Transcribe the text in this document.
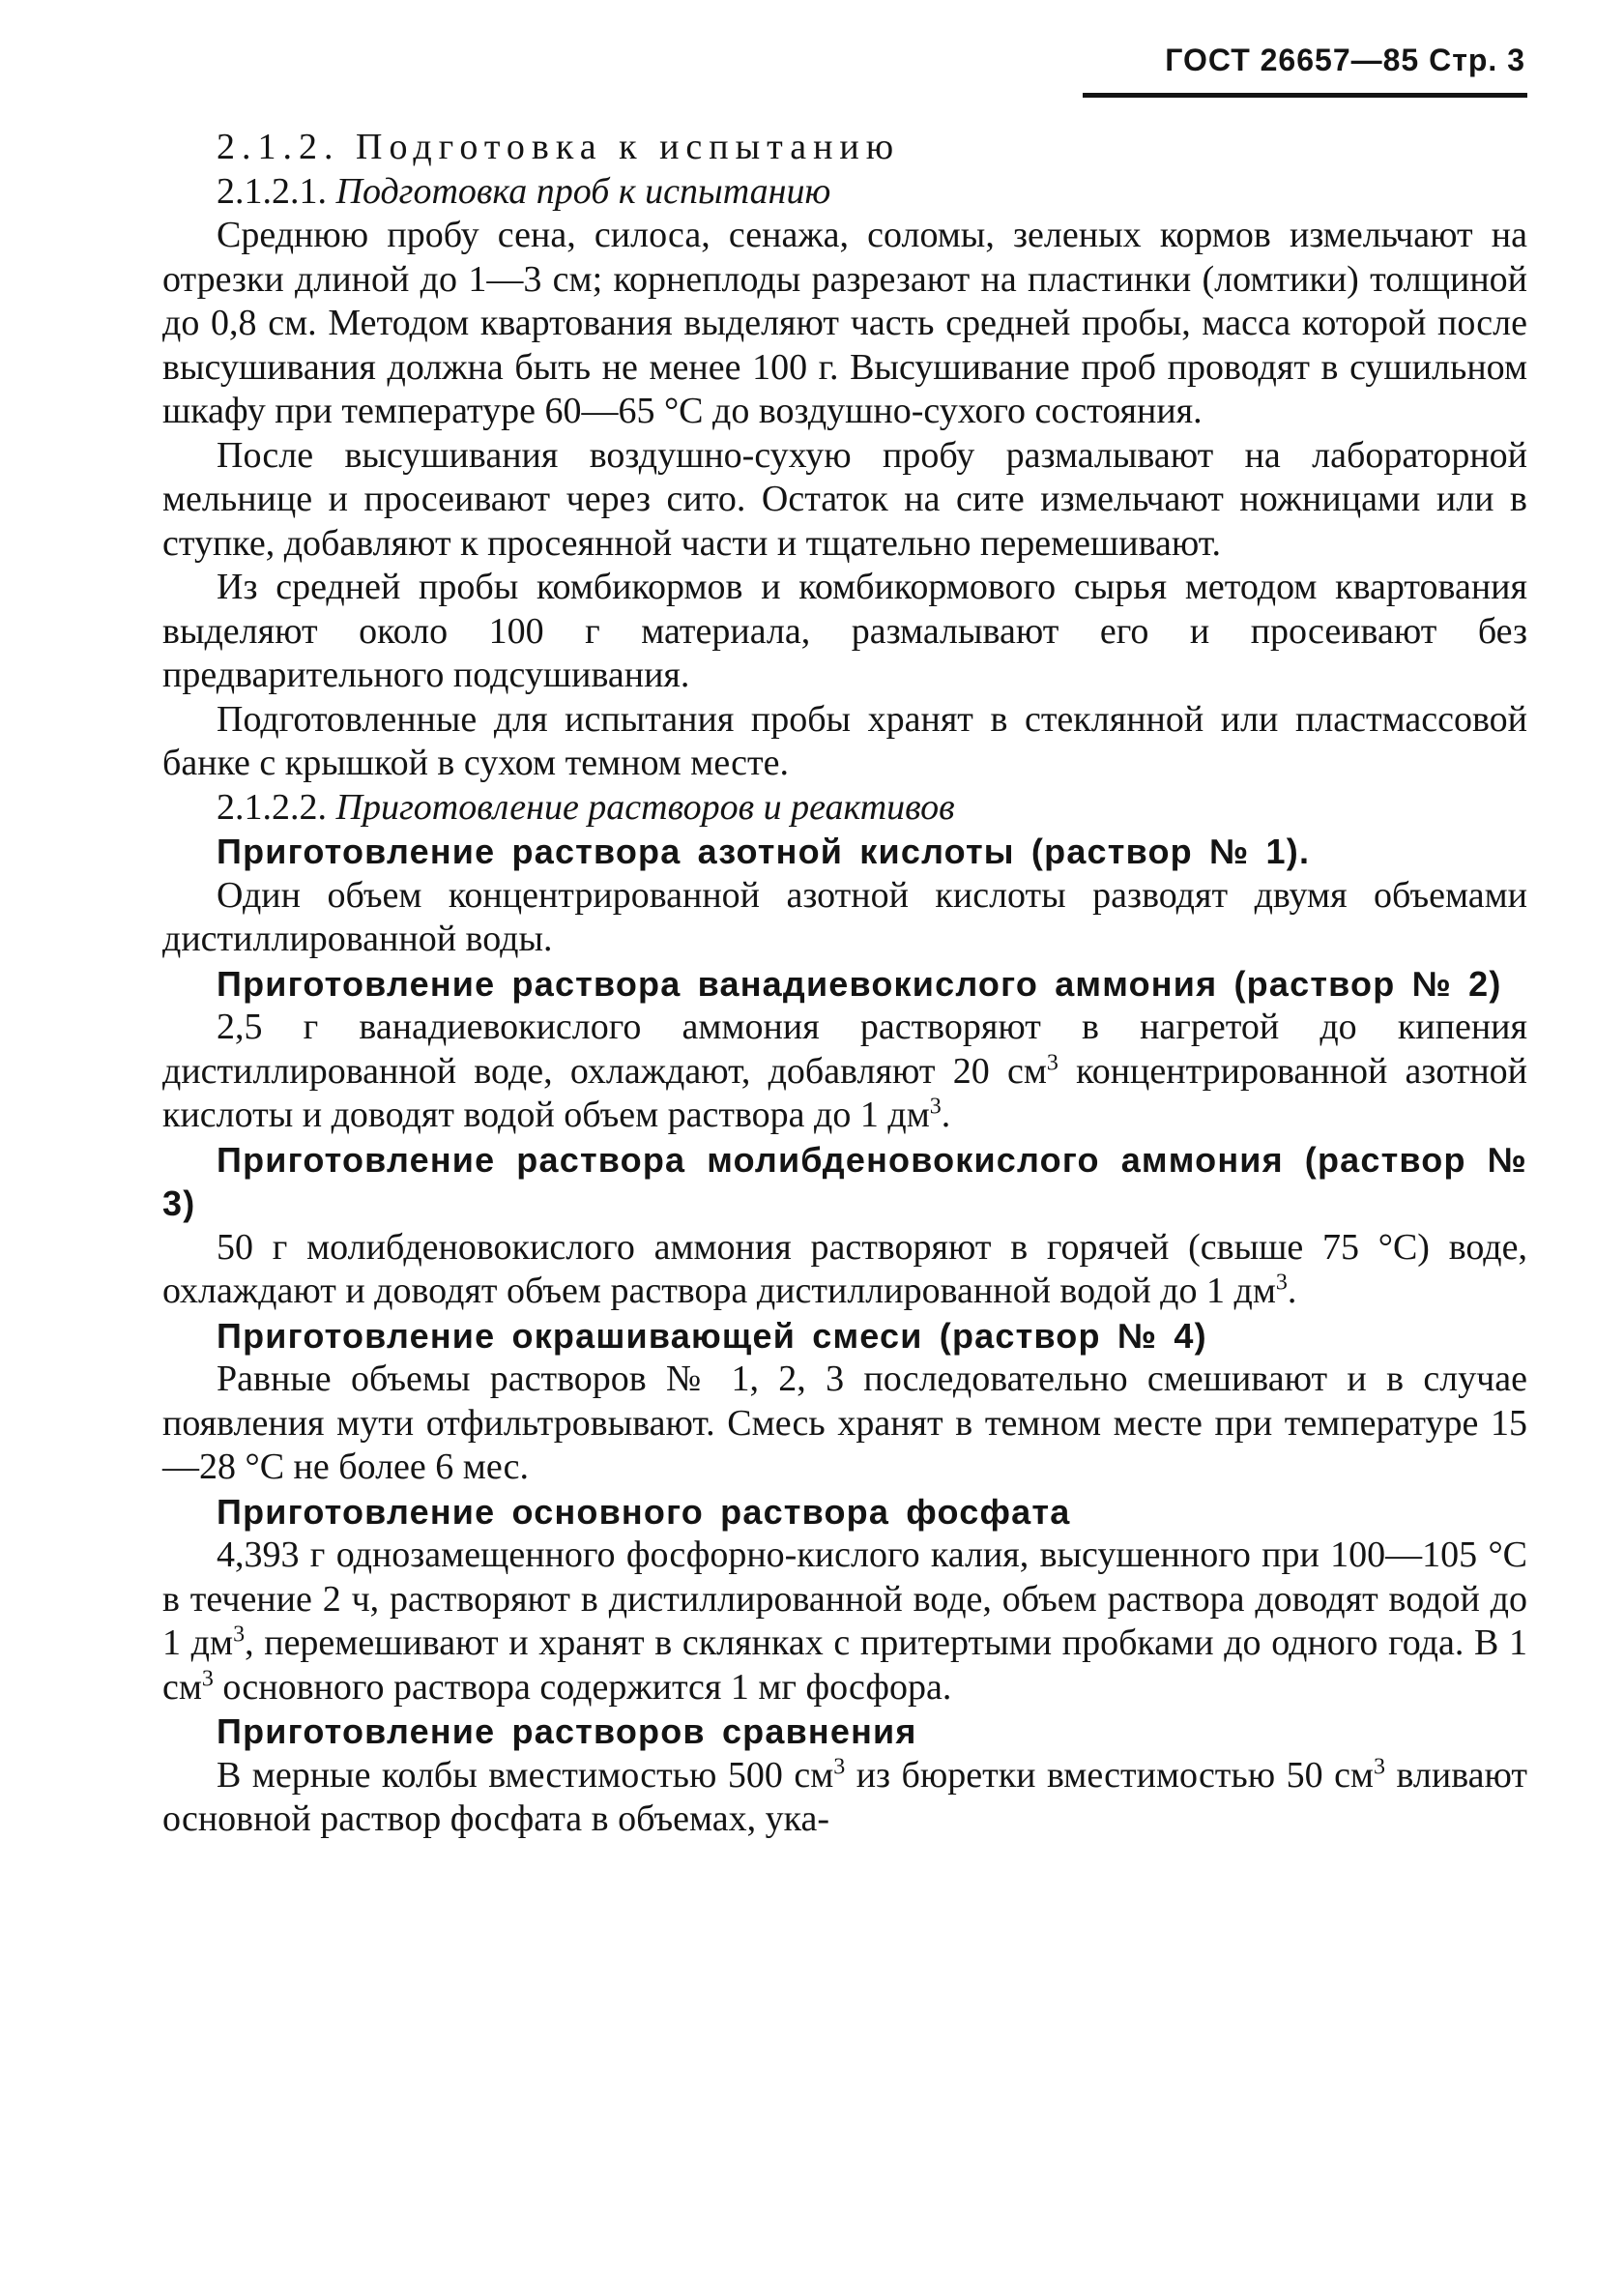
ГОСТ 26657—85 Стр. 3

2.1.2. Подготовка к испытанию

2.1.2.1. Подготовка проб к испытанию

Среднюю пробу сена, силоса, сенажа, соломы, зеленых кормов измельчают на отрезки длиной до 1—3 см; корнеплоды разрезают на пластинки (ломтики) толщиной до 0,8 см. Методом квартования выделяют часть средней пробы, масса которой после высушивания должна быть не менее 100 г. Высушивание проб проводят в сушильном шкафу при температуре 60—65 °С до воздушно-сухого состояния.

После высушивания воздушно-сухую пробу размалывают на лабораторной мельнице и просеивают через сито. Остаток на сите измельчают ножницами или в ступке, добавляют к просеянной части и тщательно перемешивают.

Из средней пробы комбикормов и комбикормового сырья методом квартования выделяют около 100 г материала, размалывают его и просеивают без предварительного подсушивания.

Подготовленные для испытания пробы хранят в стеклянной или пластмассовой банке с крышкой в сухом темном месте.

2.1.2.2. Приготовление растворов и реактивов

Приготовление раствора азотной кислоты (раствор № 1).

Один объем концентрированной азотной кислоты разводят двумя объемами дистиллированной воды.

Приготовление раствора ванадиевокислого аммония (раствор № 2)

2,5 г ванадиевокислого аммония растворяют в нагретой до кипения дистиллированной воде, охлаждают, добавляют 20 $см^3$ концентрированной азотной кислоты и доводят водой объем раствора до 1 $дм^3$.

Приготовление раствора молибденовокислого аммония (раствор № 3)

50 г молибденовокислого аммония растворяют в горячей (свыше 75 °С) воде, охлаждают и доводят объем раствора дистиллированной водой до 1 $дм^3$.

Приготовление окрашивающей смеси (раствор № 4)

Равные объемы растворов № 1, 2, 3 последовательно смешивают и в случае появления мути отфильтровывают. Смесь хранят в темном месте при температуре 15—28 °С не более 6 мес.

Приготовление основного раствора фосфата

4,393 г однозамещенного фосфорно-кислого калия, высушенного при 100—105 °С в течение 2 ч, растворяют в дистиллированной воде, объем раствора доводят водой до 1 $дм^3$, перемешивают и хранят в склянках с притертыми пробками до одного года. В 1 $см^3$ основного раствора содержится 1 мг фосфора.

Приготовление растворов сравнения

В мерные колбы вместимостью 500 $см^3$ из бюретки вместимостью 50 $см^3$ вливают основной раствор фосфата в объемах, ука-
